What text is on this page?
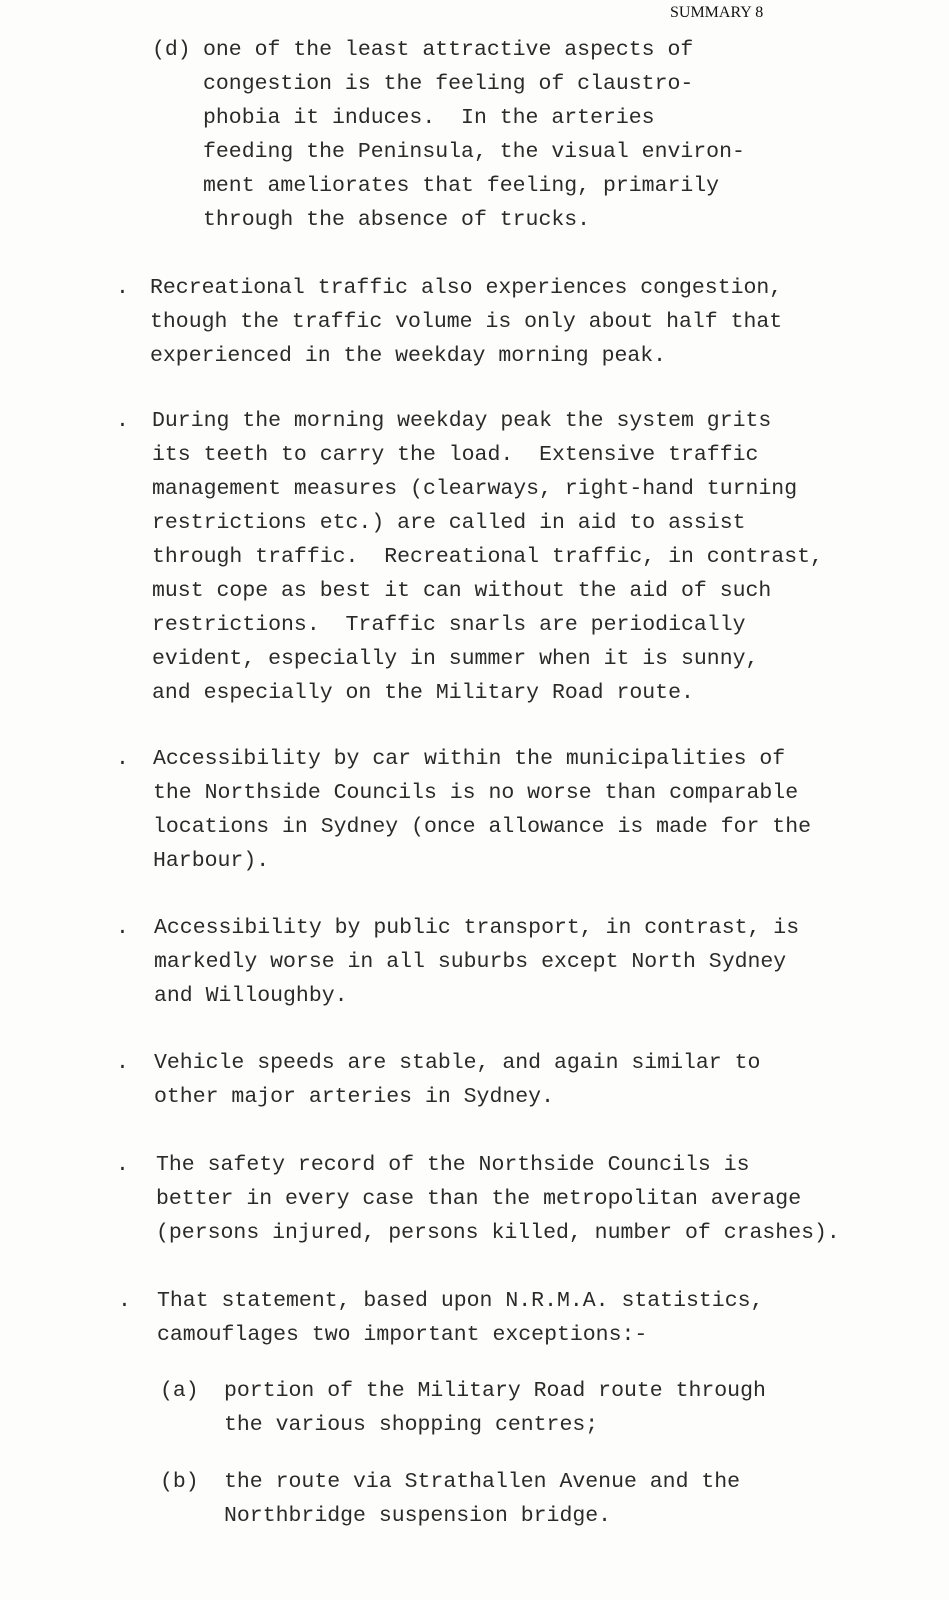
SUMMARY 8
(d) one of the least attractive aspects of
congestion is the feeling of claustro-
phobia it induces.  In the arteries
feeding the Peninsula, the visual environ-
ment ameliorates that feeling, primarily
through the absence of trucks.
. Recreational traffic also experiences congestion,
though the traffic volume is only about half that
experienced in the weekday morning peak.
. During the morning weekday peak the system grits
its teeth to carry the load.  Extensive traffic
management measures (clearways, right-hand turning
restrictions etc.) are called in aid to assist
through traffic.  Recreational traffic, in contrast,
must cope as best it can without the aid of such
restrictions.  Traffic snarls are periodically
evident, especially in summer when it is sunny,
and especially on the Military Road route.
. Accessibility by car within the municipalities of
the Northside Councils is no worse than comparable
locations in Sydney (once allowance is made for the
Harbour).
. Accessibility by public transport, in contrast, is
markedly worse in all suburbs except North Sydney
and Willoughby.
. Vehicle speeds are stable, and again similar to
other major arteries in Sydney.
. The safety record of the Northside Councils is
better in every case than the metropolitan average
(persons injured, persons killed, number of crashes).
. That statement, based upon N.R.M.A. statistics,
camouflages two important exceptions:-
(a) portion of the Military Road route through
the various shopping centres;
(b) the route via Strathallen Avenue and the
Northbridge suspension bridge.
